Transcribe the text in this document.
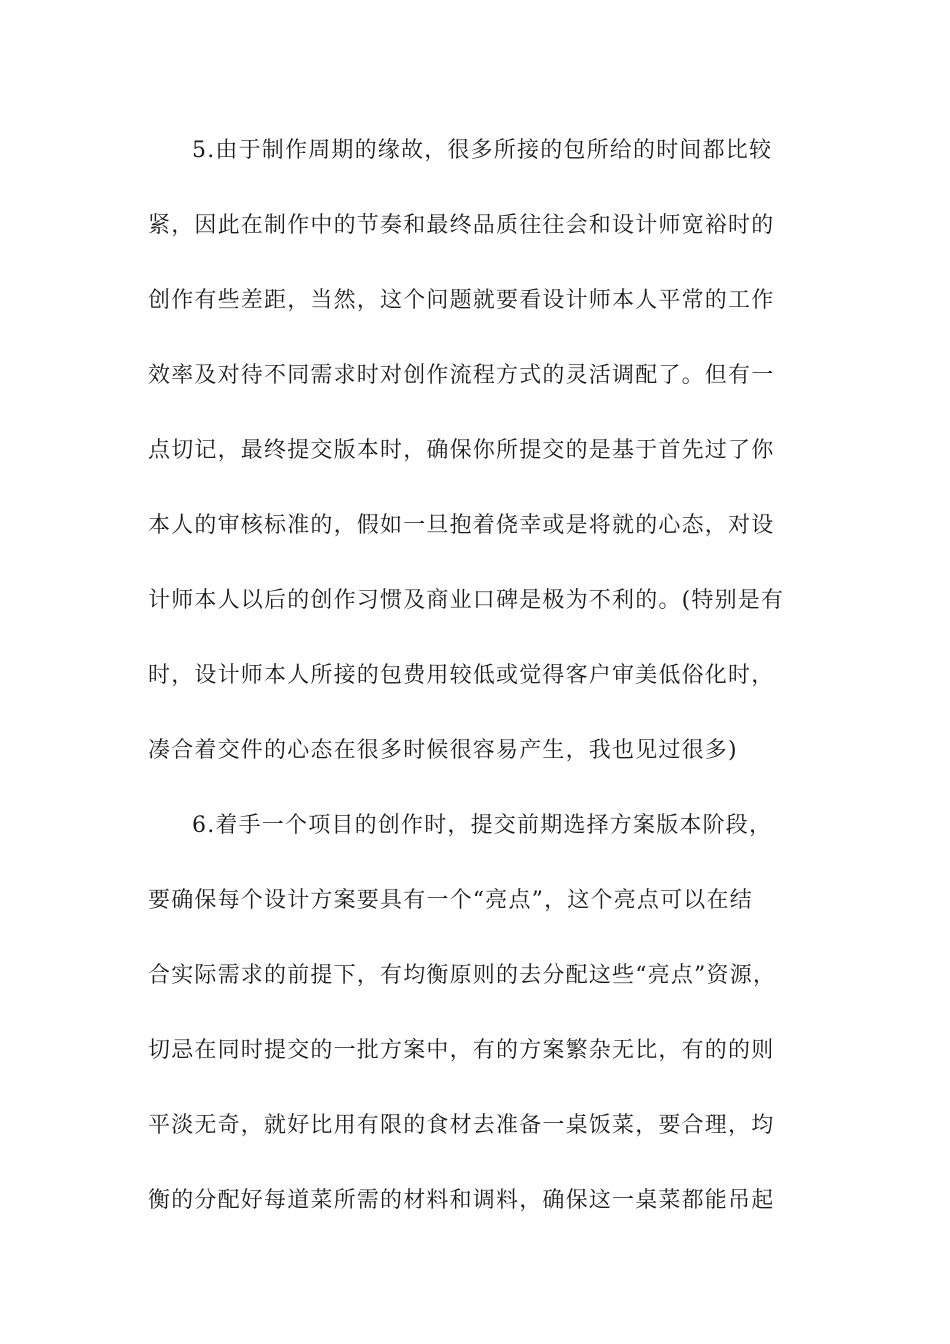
5.由于制作周期的缘故，很多所接的包所给的时间都比较
紧，因此在制作中的节奏和最终品质往往会和设计师宽裕时的
创作有些差距，当然，这个问题就要看设计师本人平常的工作
效率及对待不同需求时对创作流程方式的灵活调配了。但有一
点切记，最终提交版本时，确保你所提交的是基于首先过了你
本人的审核标准的，假如一旦抱着侥幸或是将就的心态，对设
计师本人以后的创作习惯及商业口碑是极为不利的。(特别是有
时，设计师本人所接的包费用较低或觉得客户审美低俗化时，
凑合着交件的心态在很多时候很容易产生，我也见过很多)
6.着手一个项目的创作时，提交前期选择方案版本阶段，
要确保每个设计方案要具有一个“亮点”，这个亮点可以在结
合实际需求的前提下，有均衡原则的去分配这些“亮点”资源，
切忌在同时提交的一批方案中，有的方案繁杂无比，有的的则
平淡无奇，就好比用有限的食材去准备一桌饭菜，要合理，均
衡的分配好每道菜所需的材料和调料，确保这一桌菜都能吊起
